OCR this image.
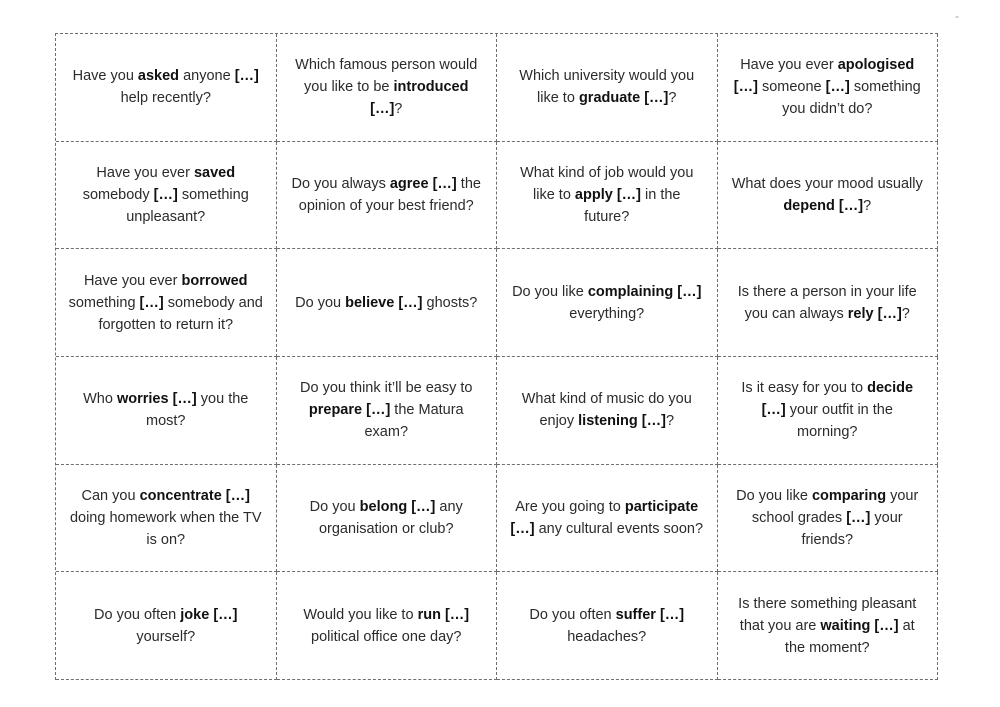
-
Have you asked anyone […] help recently?
Which famous person would you like to be introduced […]?
Which university would you like to graduate […]?
Have you ever apologised […] someone […] something you didn’t do?
Have you ever saved somebody […] something unpleasant?
Do you always agree […] the opinion of your best friend?
What kind of job would you like to apply […] in the future?
What does your mood usually depend […]?
Have you ever borrowed something […] somebody and forgotten to return it?
Do you believe […] ghosts?
Do you like complaining […] everything?
Is there a person in your life you can always rely […]?
Who worries […] you the most?
Do you think it’ll be easy to prepare […] the Matura exam?
What kind of music do you enjoy listening […]?
Is it easy for you to decide […] your outfit in the morning?
Can you concentrate […] doing homework when the TV is on?
Do you belong […] any organisation or club?
Are you going to participate […] any cultural events soon?
Do you like comparing your school grades […] your friends?
Do you often joke […] yourself?
Would you like to run […] political office one day?
Do you often suffer […] headaches?
Is there something pleasant that you are waiting […] at the moment?
